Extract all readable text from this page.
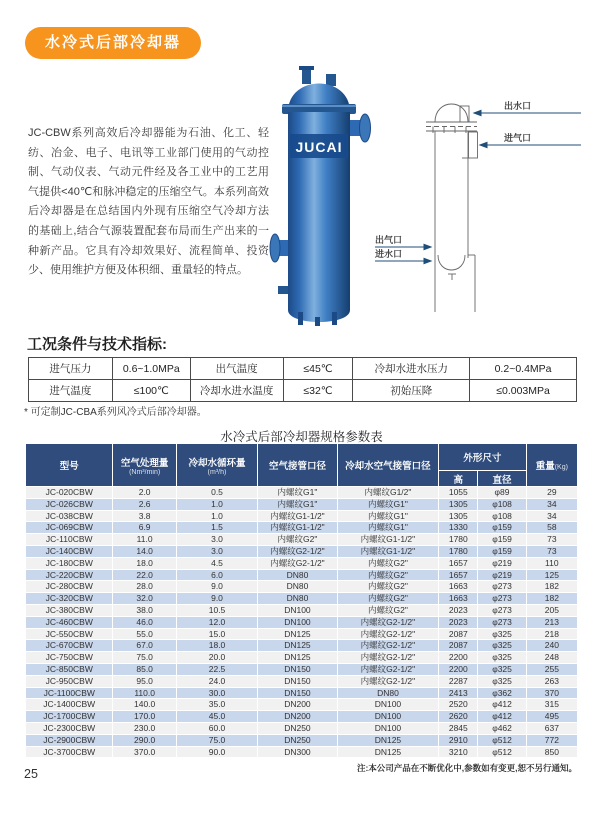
水冷式后部冷却器
JC-CBW系列高效后冷却器能为石油、化工、轻纺、冶金、电子、电讯等工业部门使用的气动控制、气动仪表、气动元件经及各工业中的工艺用气提供<40℃和脉冲稳定的压缩空气。本系列高效后冷却器是在总结国内外现有压缩空气冷却方法的基础上,结合气源装置配套布局而生产出来的一种新产品。它具有冷却效果好、流程简单、投资少、使用维护方便及体积细、重量轻的特点。
JUCAI
出水口
进气口
出气口
进水口
工况条件与技术指标:
进气压力	0.6~1.0MPa	出气温度	≤45℃	冷却水进水压力	0.2~0.4MPa
进气温度	≤100℃	冷却水进水温度	≤32℃	初始压降	≤0.003MPa
* 可定制JC-CBA系列风冷式后部冷却器。
水冷式后部冷却器规格参数表
型号	空气处理量
(Nm³/min)	冷却水循环量
(m³/h)	空气接管口径	冷却水空气接管口径	外形尺寸		重量(Kg)
					高	直径	
JC-020CBW	2.0	0.5	内螺纹G1"	内螺纹G1/2"	1055	φ89	29
JC-026CBW	2.6	1.0	内螺纹G1"	内螺纹G1"	1305	φ108	34
JC-038CBW	3.8	1.0	内螺纹G1-1/2"	内螺纹G1"	1305	φ108	34
JC-069CBW	6.9	1.5	内螺纹G1-1/2"	内螺纹G1"	1330	φ159	58
JC-110CBW	11.0	3.0	内螺纹G2"	内螺纹G1-1/2"	1780	φ159	73
JC-140CBW	14.0	3.0	内螺纹G2-1/2"	内螺纹G1-1/2"	1780	φ159	73
JC-180CBW	18.0	4.5	内螺纹G2-1/2"	内螺纹G2"	1657	φ219	110
JC-220CBW	22.0	6.0	DN80	内螺纹G2"	1657	φ219	125
JC-280CBW	28.0	9.0	DN80	内螺纹G2"	1663	φ273	182
JC-320CBW	32.0	9.0	DN80	内螺纹G2"	1663	φ273	182
JC-380CBW	38.0	10.5	DN100	内螺纹G2"	2023	φ273	205
JC-460CBW	46.0	12.0	DN100	内螺纹G2-1/2"	2023	φ273	213
JC-550CBW	55.0	15.0	DN125	内螺纹G2-1/2"	2087	φ325	218
JC-670CBW	67.0	18.0	DN125	内螺纹G2-1/2"	2087	φ325	240
JC-750CBW	75.0	20.0	DN125	内螺纹G2-1/2"	2200	φ325	248
JC-850CBW	85.0	22.5	DN150	内螺纹G2-1/2"	2200	φ325	255
JC-950CBW	95.0	24.0	DN150	内螺纹G2-1/2"	2287	φ325	263
JC-1100CBW	110.0	30.0	DN150	DN80	2413	φ362	370
JC-1400CBW	140.0	35.0	DN200	DN100	2520	φ412	315
JC-1700CBW	170.0	45.0	DN200	DN100	2620	φ412	495
JC-2300CBW	230.0	60.0	DN250	DN100	2845	φ462	637
JC-2900CBW	290.0	75.0	DN250	DN125	2910	φ512	772
JC-3700CBW	370.0	90.0	DN300	DN125	3210	φ512	850
注:本公司产品在不断优化中,参数如有变更,恕不另行通知。
25
